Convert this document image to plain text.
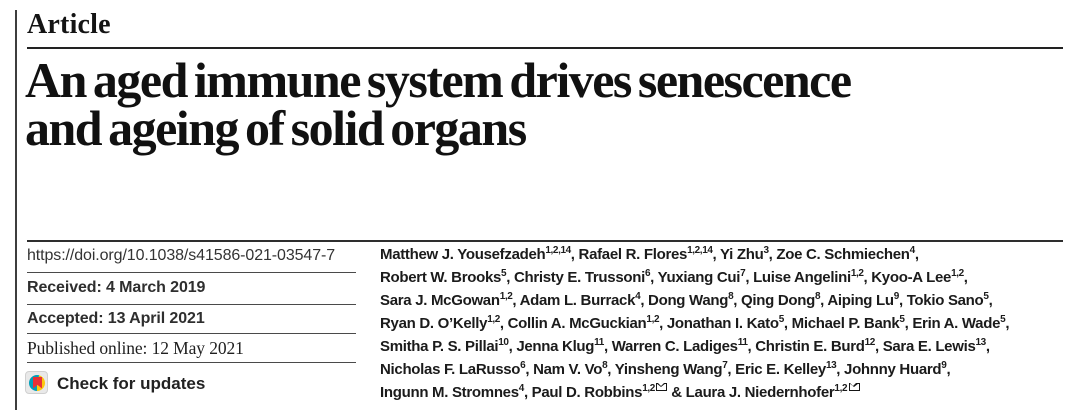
Article
An aged immune system drives senescence
and ageing of solid organs
https://doi.org/10.1038/s41586-021-03547-7
Received: 4 March 2019
Accepted: 13 April 2021
Published online: 12 May 2021
Check for updates
Matthew J. Yousefzadeh$^{1,2,14}$, Rafael R. Flores$^{1,2,14}$, Yi Zhu$^3$, Zoe C. Schmiechen$^4$,
Robert W. Brooks$^5$, Christy E. Trussoni$^6$, Yuxiang Cui$^7$, Luise Angelini$^{1,2}$, Kyoo-A Lee$^{1,2}$,
Sara J. McGowan$^{1,2}$, Adam L. Burrack$^4$, Dong Wang$^8$, Qing Dong$^8$, Aiping Lu$^9$, Tokio Sano$^5$,
Ryan D. O’Kelly$^{1,2}$, Collin A. McGuckian$^{1,2}$, Jonathan I. Kato$^5$, Michael P. Bank$^5$, Erin A. Wade$^5$,
Smitha P. S. Pillai$^{10}$, Jenna Klug$^{11}$, Warren C. Ladiges$^{11}$, Christin E. Burd$^{12}$, Sara E. Lewis$^{13}$,
Nicholas F. LaRusso$^6$, Nam V. Vo$^8$, Yinsheng Wang$^7$, Eric E. Kelley$^{13}$, Johnny Huard$^9$,
Ingunn M. Stromnes$^4$, Paul D. Robbins$^{1,2}$ & Laura J. Niedernhofer$^{1,2}$
